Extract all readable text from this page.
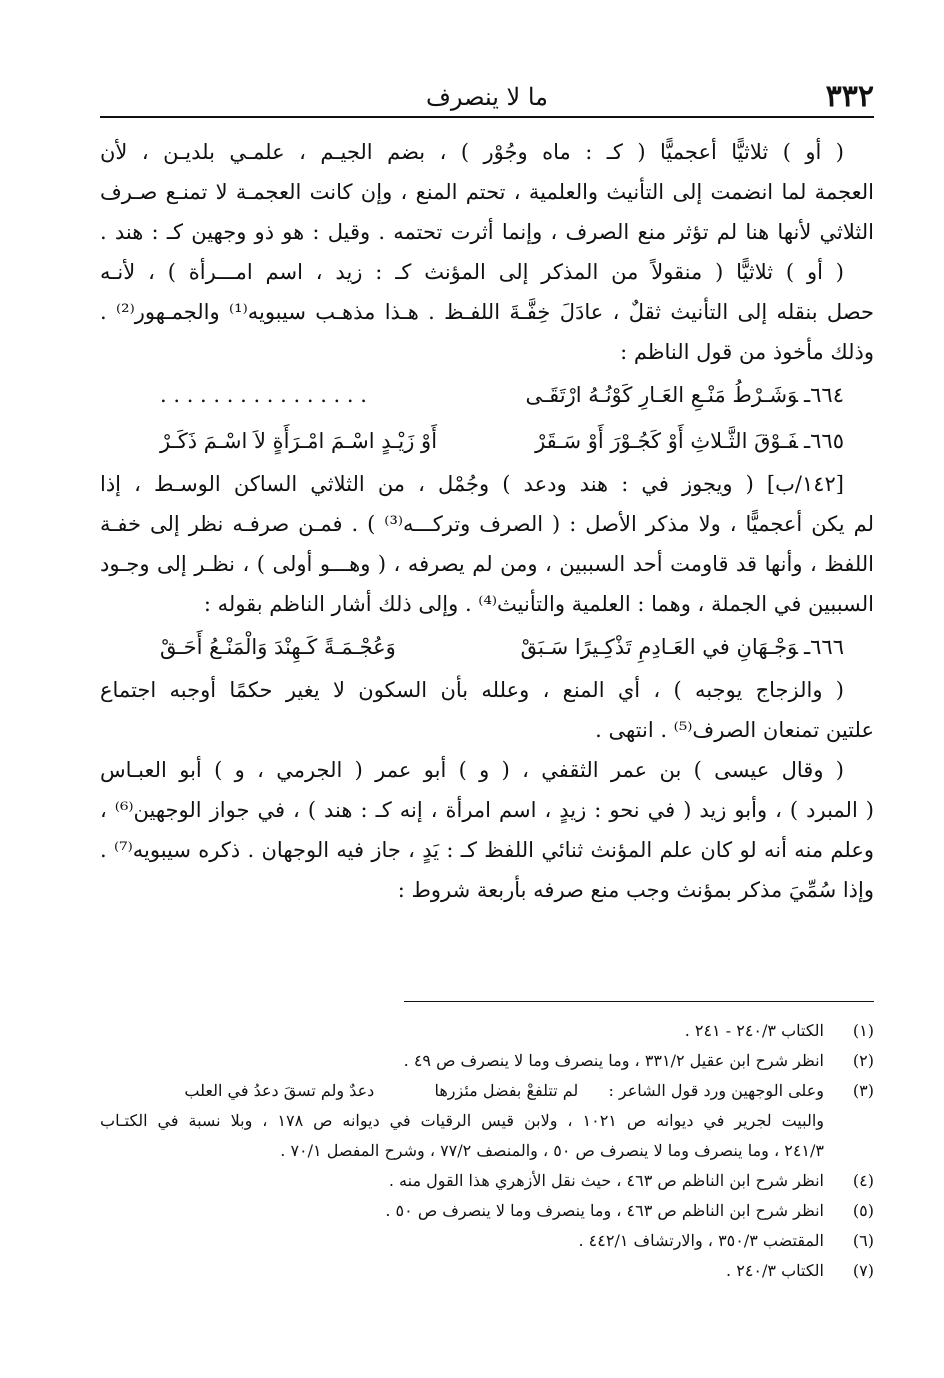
٣٣٢
ما لا ينصرف

( أو ) ثلاثيًّا أعجميًّا ( كـ : ماه وجُوْر ) ، بضم الجيـم ، علمـي بلديـن ، لأن

العجمة لما انضمت إلى التأنيث والعلمية ، تحتم المنع ، وإن كانت العجمـة لا تمنـع صـرف

الثلاثي لأنها هنا لم تؤثر منع الصرف ، وإنما أثرت تحتمه . وقيل : هو ذو وجهين كـ : هند .

( أو ) ثلاثيًّا ( منقولاً من المذكر إلى المؤنث كـ : زيد ، اسم امـــرأة ) ، لأنـه

حصل بنقله إلى التأنيث ثقلٌ ، عادَلَ خِفَّـةَ اللفـظ . هـذا مذهـب سيبويه⁽¹⁾ والجمـهور⁽²⁾ .

وذلك مأخوذ من قول الناظم :

٦٦٤ـوَشَـرْطُ مَنْـعِ العَـارِ كَوْنُـهُ ارْتَقَـى
. . . . . . . . . . . . . . . .
٦٦٥ـفَـوْقَ الثَّـلاثِ أَوْ كَجُـوْرَ أَوْ سَـقَرْ
أَوْ زَيْـدٍ اسْـمَ امْـرَأَةٍ لاَ اسْـمَ ذَكَـرْ

[١٤٢/ب] ( ويجوز في : هند ودعد ) وجُمْل ، من الثلاثي الساكن الوسـط ، إذا

لم يكن أعجميًّا ، ولا مذكر الأصل : ( الصرف وتركـــه⁽³⁾ ) . فمـن صرفـه نظر إلى خفـة

اللفظ ، وأنها قد قاومت أحد السببين ، ومن لم يصرفه ، ( وهـــو أولى ) ، نظـر إلى وجـود

السببين في الجملة ، وهما : العلمية والتأنيث⁽⁴⁾ . وإلى ذلك أشار الناظم بقوله :

٦٦٦ـوَجْـهَانِ في العَـادِمِ تَذْكِـيرًا سَـبَقْ
وَعُجْـمَـةً كَـهِنْدَ وَالْمَنْـعُ أَحَـقْ

( والزجاج يوجبه ) ، أي المنع ، وعلله بأن السكون لا يغير حكمًا أوجبه اجتماع

علتين تمنعان الصرف⁽⁵⁾ . انتهى .

( وقال عيسى ) بن عمر الثقفي ، ( و ) أبو عمر ( الجرمي ، و ) أبو العبـاس

( المبرد ) ، وأبو زيد ( في نحو : زيدٍ ، اسم امرأة ، إنه كـ : هند ) ، في جواز الوجهين⁽⁶⁾ ،

وعلم منه أنه لو كان علم المؤنث ثنائي اللفظ كـ : يَدٍ ، جاز فيه الوجهان . ذكره سيبويه⁽⁷⁾ .

وإذا سُمِّيَ مذكر بمؤنث وجب منع صرفه بأربعة شروط :

(١)
الكتاب ٢٤٠/٣ - ٢٤١ .
(٢)
انظر شرح ابن عقيل ٣٣١/٢ ، وما ينصرف وما لا ينصرف ص ٤٩ .
(٣)
وعلى الوجهين ورد قول الشاعر :  لم تتلفعْ بفضل مئزرها  دعدٌ ولم تسقَ دعدُ في العلب
والبيت لجرير في ديوانه ص ١٠٢١ ، ولابن قيس الرقيات في ديوانه ص ١٧٨ ، وبلا نسبة في الكتـاب
٢٤١/٣ ، وما ينصرف وما لا ينصرف ص ٥٠ ، والمنصف ٧٧/٢ ، وشرح المفصل ٧٠/١ .
(٤)
انظر شرح ابن الناظم ص ٤٦٣ ، حيث نقل الأزهري هذا القول منه .
(٥)
انظر شرح ابن الناظم ص ٤٦٣ ، وما ينصرف وما لا ينصرف ص ٥٠ .
(٦)
المقتضب ٣٥٠/٣ ، والارتشاف ٤٤٢/١ .
(٧)
الكتاب ٢٤٠/٣ .
